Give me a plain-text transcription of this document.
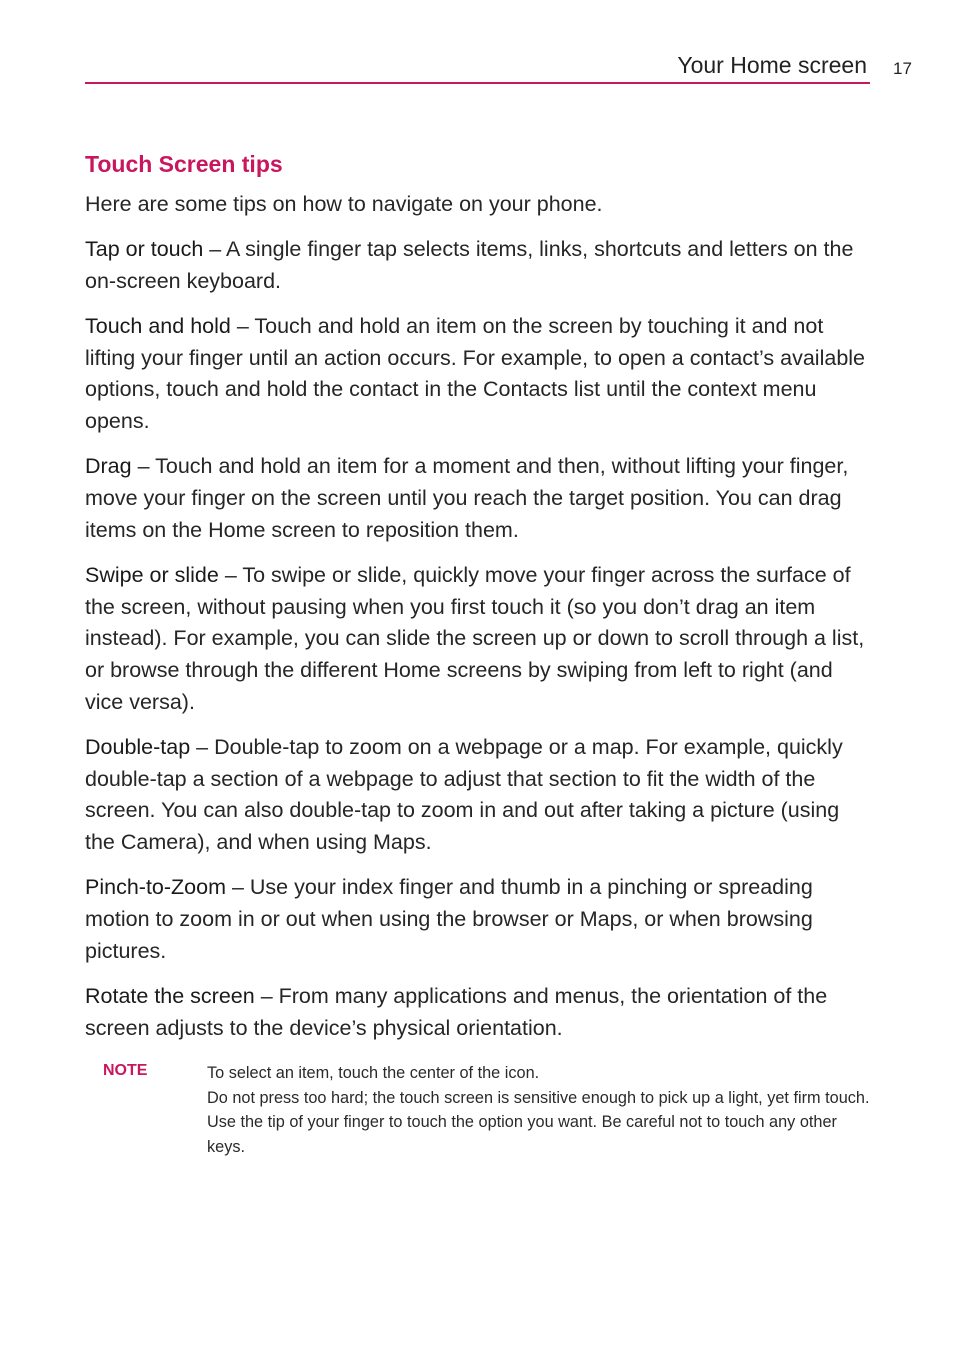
Your Home screen 17
Touch Screen tips

Here are some tips on how to navigate on your phone.

Tap or touch – A single finger tap selects items, links, shortcuts and letters on the on-screen keyboard.

Touch and hold – Touch and hold an item on the screen by touching it and not lifting your finger until an action occurs. For example, to open a contact’s available options, touch and hold the contact in the Contacts list until the context menu opens.

Drag – Touch and hold an item for a moment and then, without lifting your finger, move your finger on the screen until you reach the target position. You can drag items on the Home screen to reposition them.

Swipe or slide – To swipe or slide, quickly move your finger across the surface of the screen, without pausing when you first touch it (so you don’t drag an item instead). For example, you can slide the screen up or down to scroll through a list, or browse through the different Home screens by swiping from left to right (and vice versa).

Double-tap – Double-tap to zoom on a webpage or a map. For example, quickly double-tap a section of a webpage to adjust that section to fit the width of the screen. You can also double-tap to zoom in and out after taking a picture (using the Camera), and when using Maps.

Pinch-to-Zoom – Use your index finger and thumb in a pinching or spreading motion to zoom in or out when using the browser or Maps, or when browsing pictures.

Rotate the screen – From many applications and menus, the orientation of the screen adjusts to the device’s physical orientation.

NOTE	To select an item, touch the center of the icon.
Do not press too hard; the touch screen is sensitive enough to pick up a light, yet firm touch.
Use the tip of your finger to touch the option you want. Be careful not to touch any other keys.
